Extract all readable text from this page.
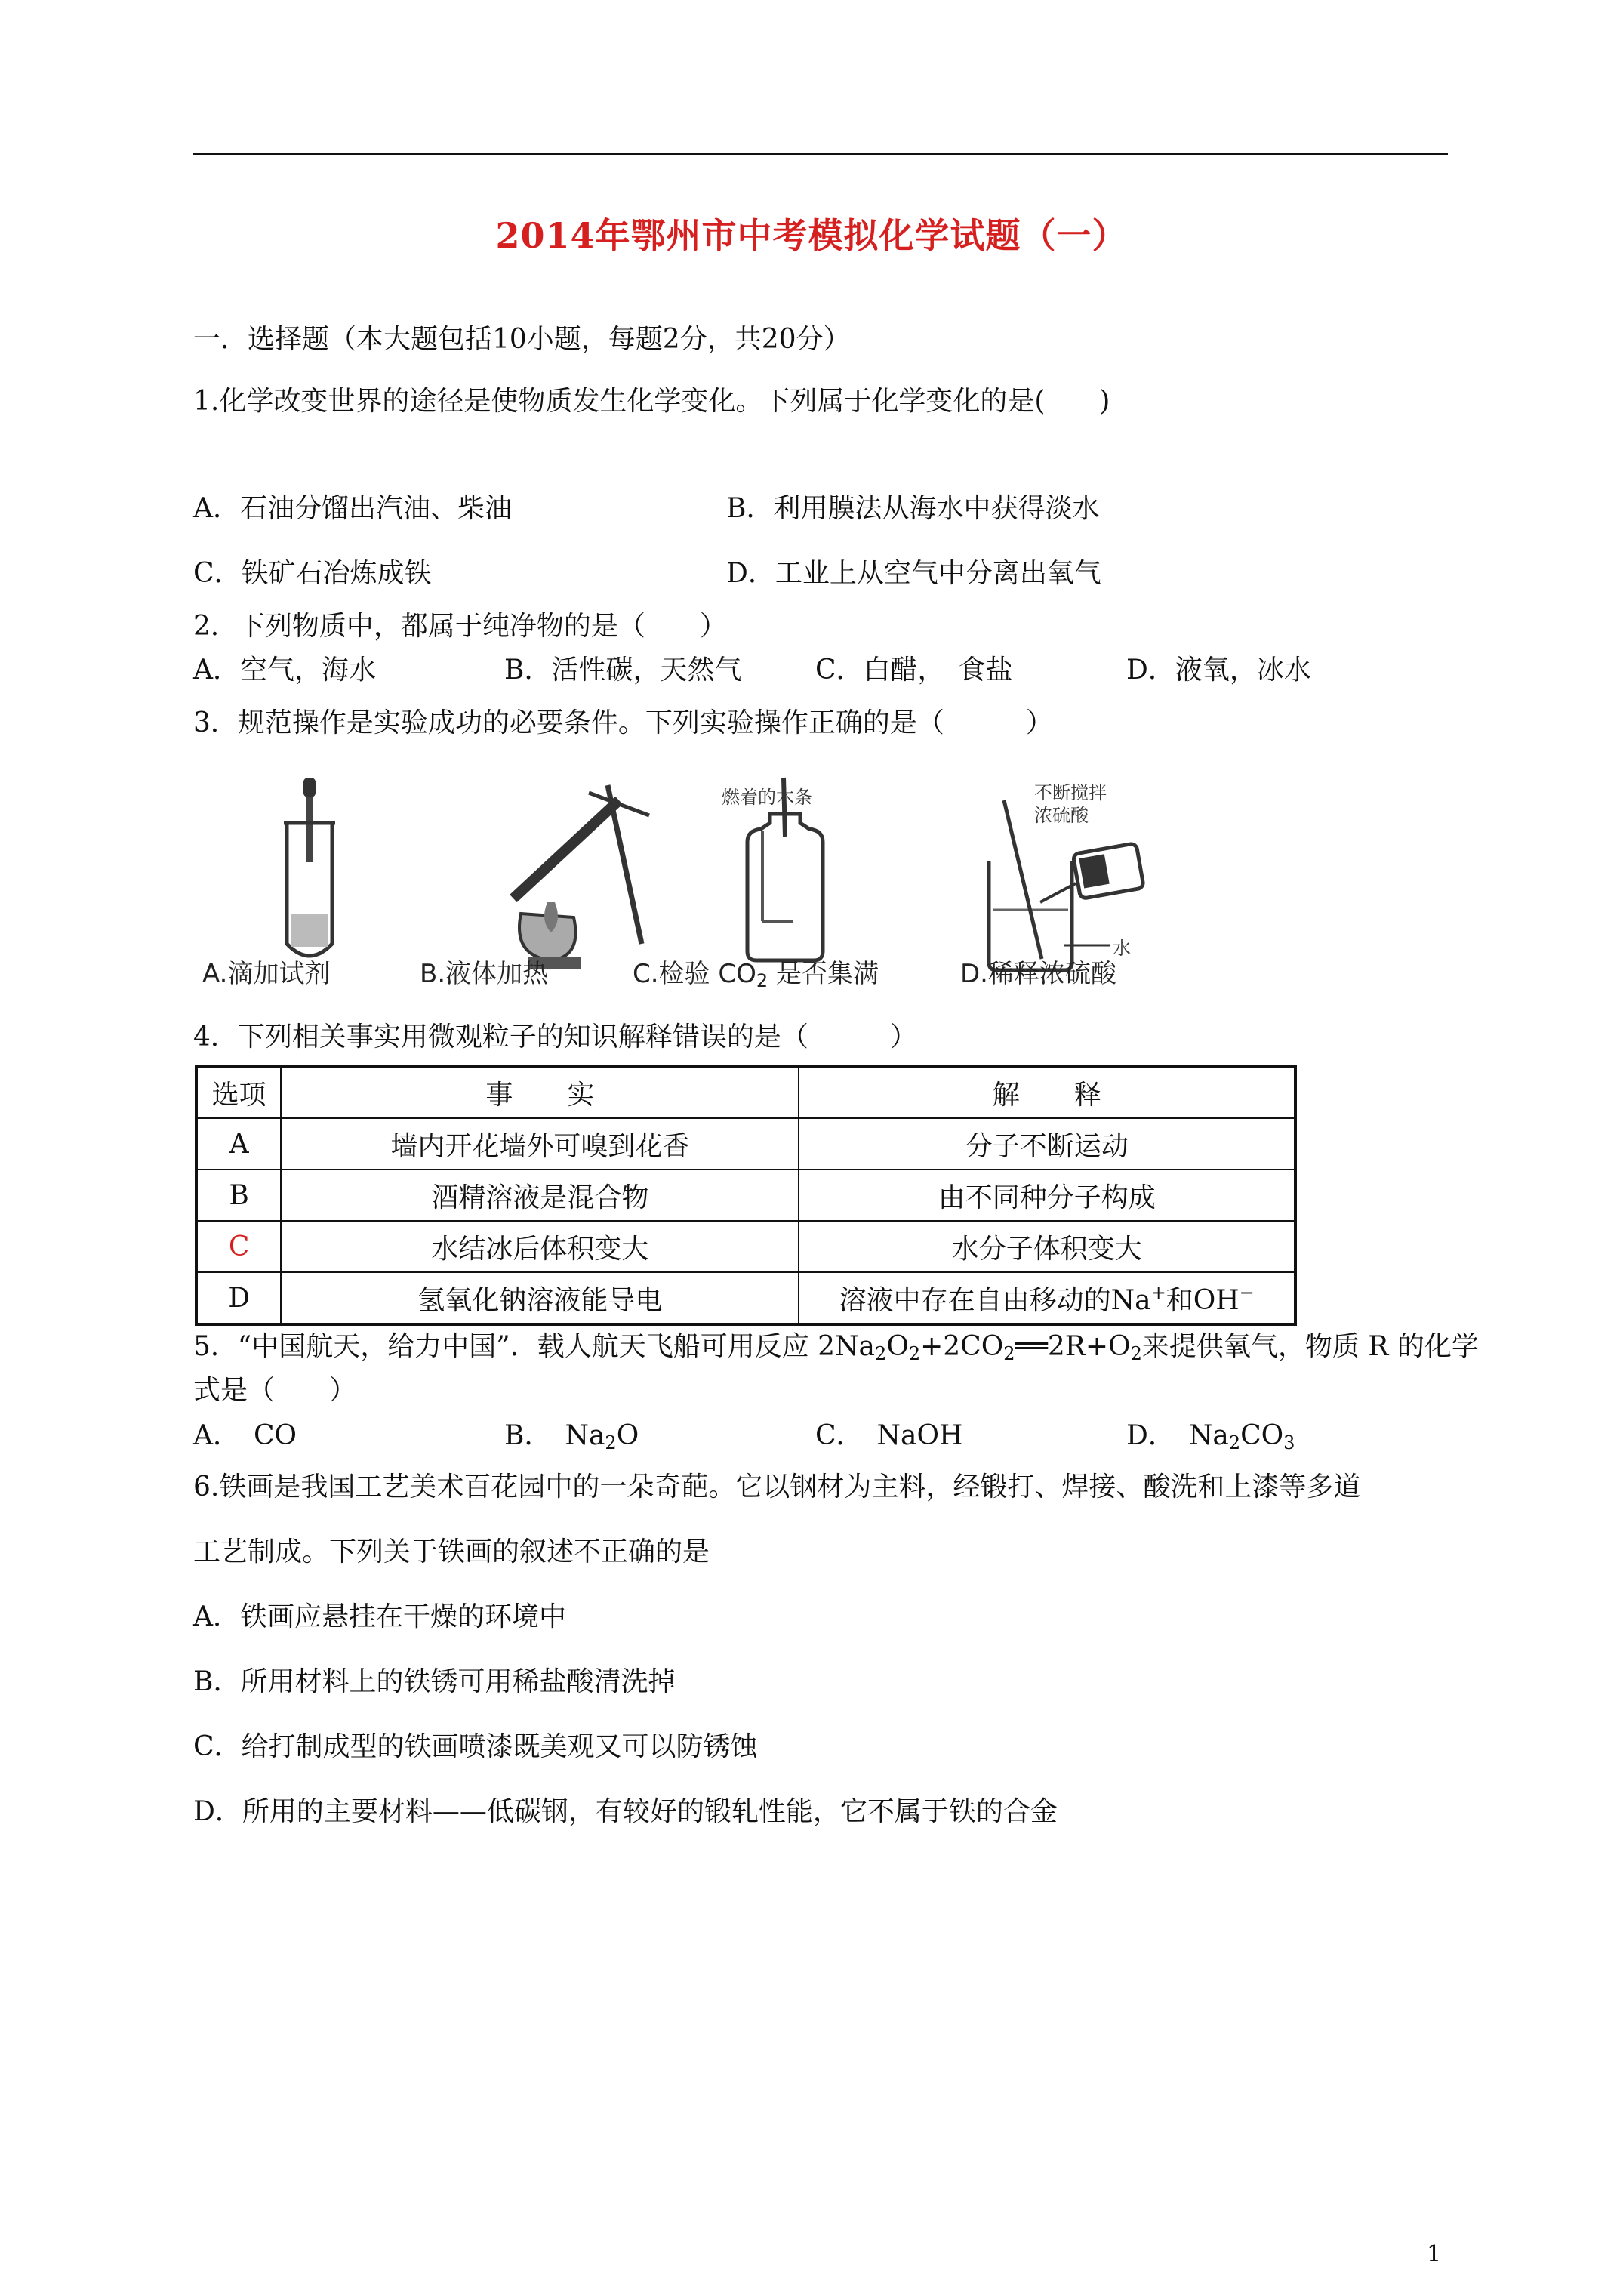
2014年鄂州市中考模拟化学试题（一）
一．选择题（本大题包括10小题，每题2分，共20分）
1.化学改变世界的途径是使物质发生化学变化。下列属于化学变化的是(　　)
A．石油分馏出汽油、柴油	B．利用膜法从海水中获得淡水
C．铁矿石冶炼成铁	D．工业上从空气中分离出氧气
2．下列物质中，都属于纯净物的是（　　）
A．空气，海水	B．活性碳，天然气	C．白醋，　食盐	D．液氧，冰水
3．规范操作是实验成功的必要条件。下列实验操作正确的是（　　　）
燃着的木条	不断搅拌
浓硫酸
水
A.滴加试剂	B.液体加热	C.检验 $CO_2$ 是否集满	D.稀释浓硫酸
4．下列相关事实用微观粒子的知识解释错误的是（　　　）
选项	事　　实	解　　释
A	墙内开花墙外可嗅到花香	分子不断运动
B	酒精溶液是混合物	由不同种分子构成
C	水结冰后体积变大	水分子体积变大
D	氢氧化钠溶液能导电	溶液中存在自由移动的Na+和OH−
5．“中国航天，给力中国”．载人航天飞船可用反应 $2Na_2O_2+2CO_2══2R+O_2$来提供氧气，物质 R 的化学
式是（　　）
A．　CO	B．　$Na_2O$	C．　NaOH	D．　$Na_2CO_3$
6.铁画是我国工艺美术百花园中的一朵奇葩。它以钢材为主料，经锻打、焊接、酸洗和上漆等多道
工艺制成。下列关于铁画的叙述不正确的是
A．铁画应悬挂在干燥的环境中
B．所用材料上的铁锈可用稀盐酸清洗掉
C．给打制成型的铁画喷漆既美观又可以防锈蚀
D．所用的主要材料——低碳钢，有较好的锻轧性能，它不属于铁的合金
1
